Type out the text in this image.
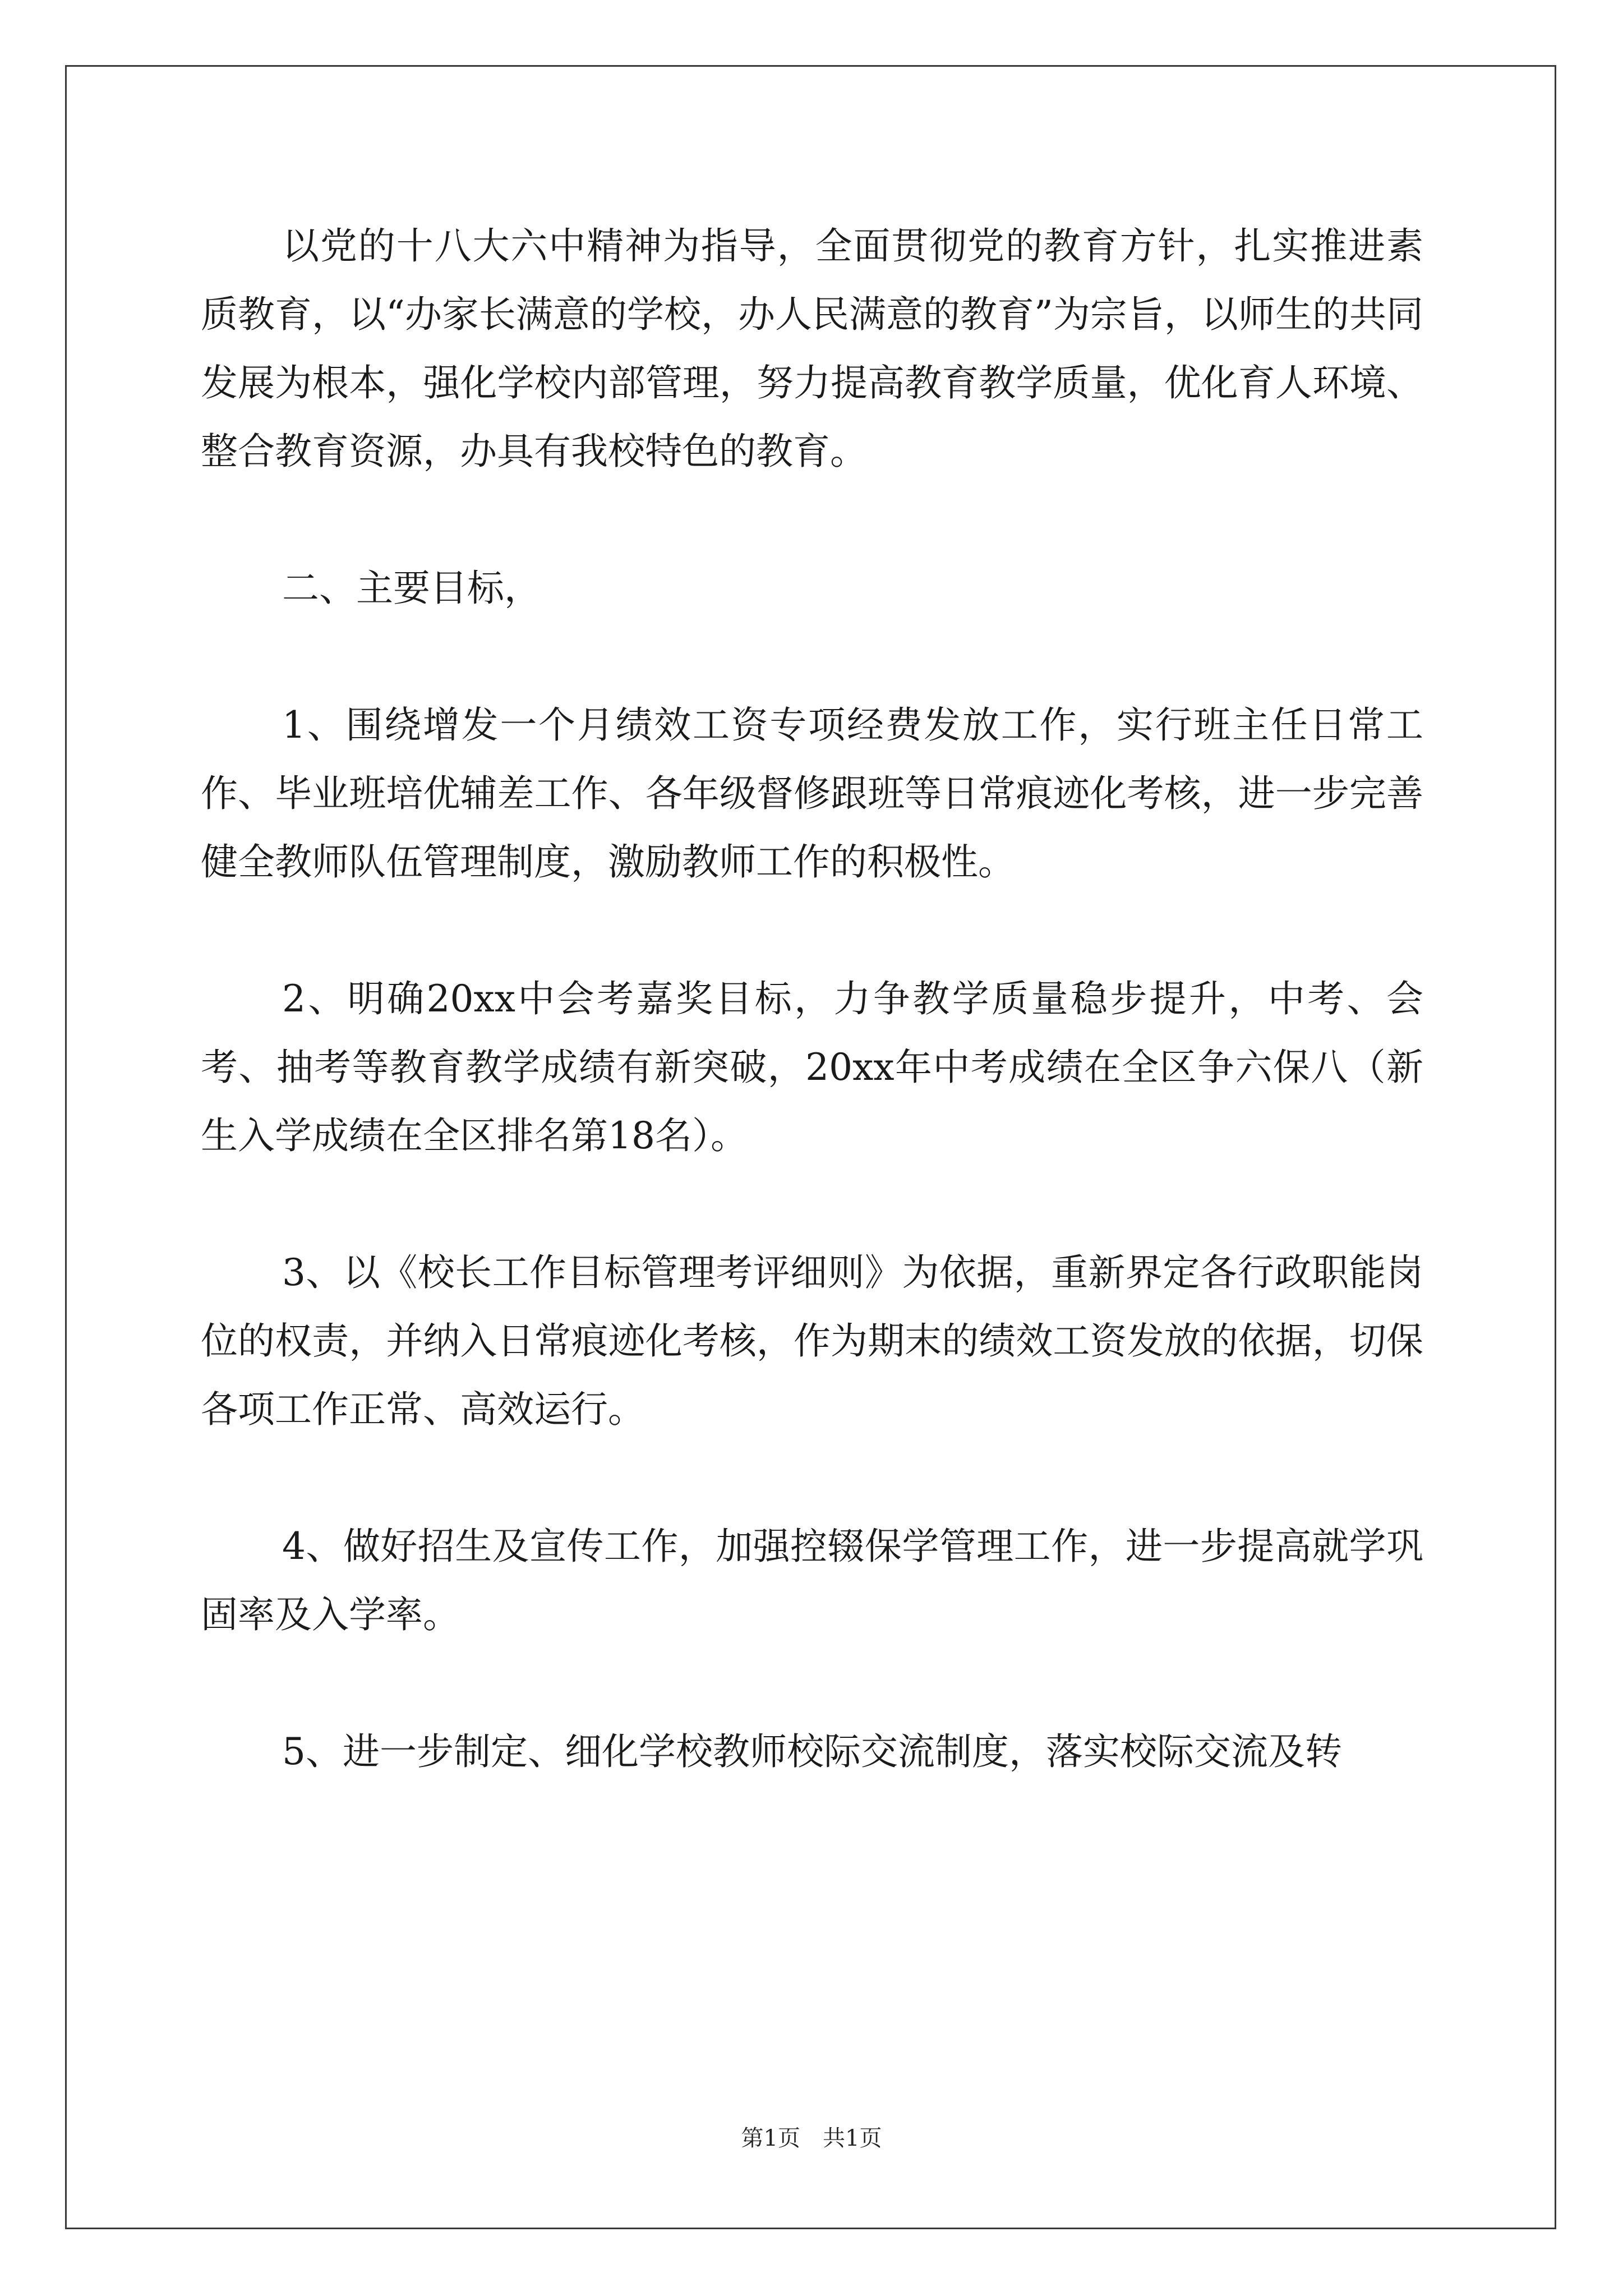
以党的十八大六中精神为指导，全面贯彻党的教育方针，扎实推进素质教育，以“办家长满意的学校，办人民满意的教育”为宗旨，以师生的共同发展为根本，强化学校内部管理，努力提高教育教学质量，优化育人环境、整合教育资源，办具有我校特色的教育。

二、主要目标，

1、围绕增发一个月绩效工资专项经费发放工作，实行班主任日常工作、毕业班培优辅差工作、各年级督修跟班等日常痕迹化考核，进一步完善健全教师队伍管理制度，激励教师工作的积极性。

2、明确20xx中会考嘉奖目标，力争教学质量稳步提升，中考、会考、抽考等教育教学成绩有新突破，20xx年中考成绩在全区争六保八（新生入学成绩在全区排名第18名）。

3、以《校长工作目标管理考评细则》为依据，重新界定各行政职能岗位的权责，并纳入日常痕迹化考核，作为期末的绩效工资发放的依据，切保各项工作正常、高效运行。

4、做好招生及宣传工作，加强控辍保学管理工作，进一步提高就学巩固率及入学率。

5、进一步制定、细化学校教师校际交流制度，落实校际交流及转

第1页 共1页
